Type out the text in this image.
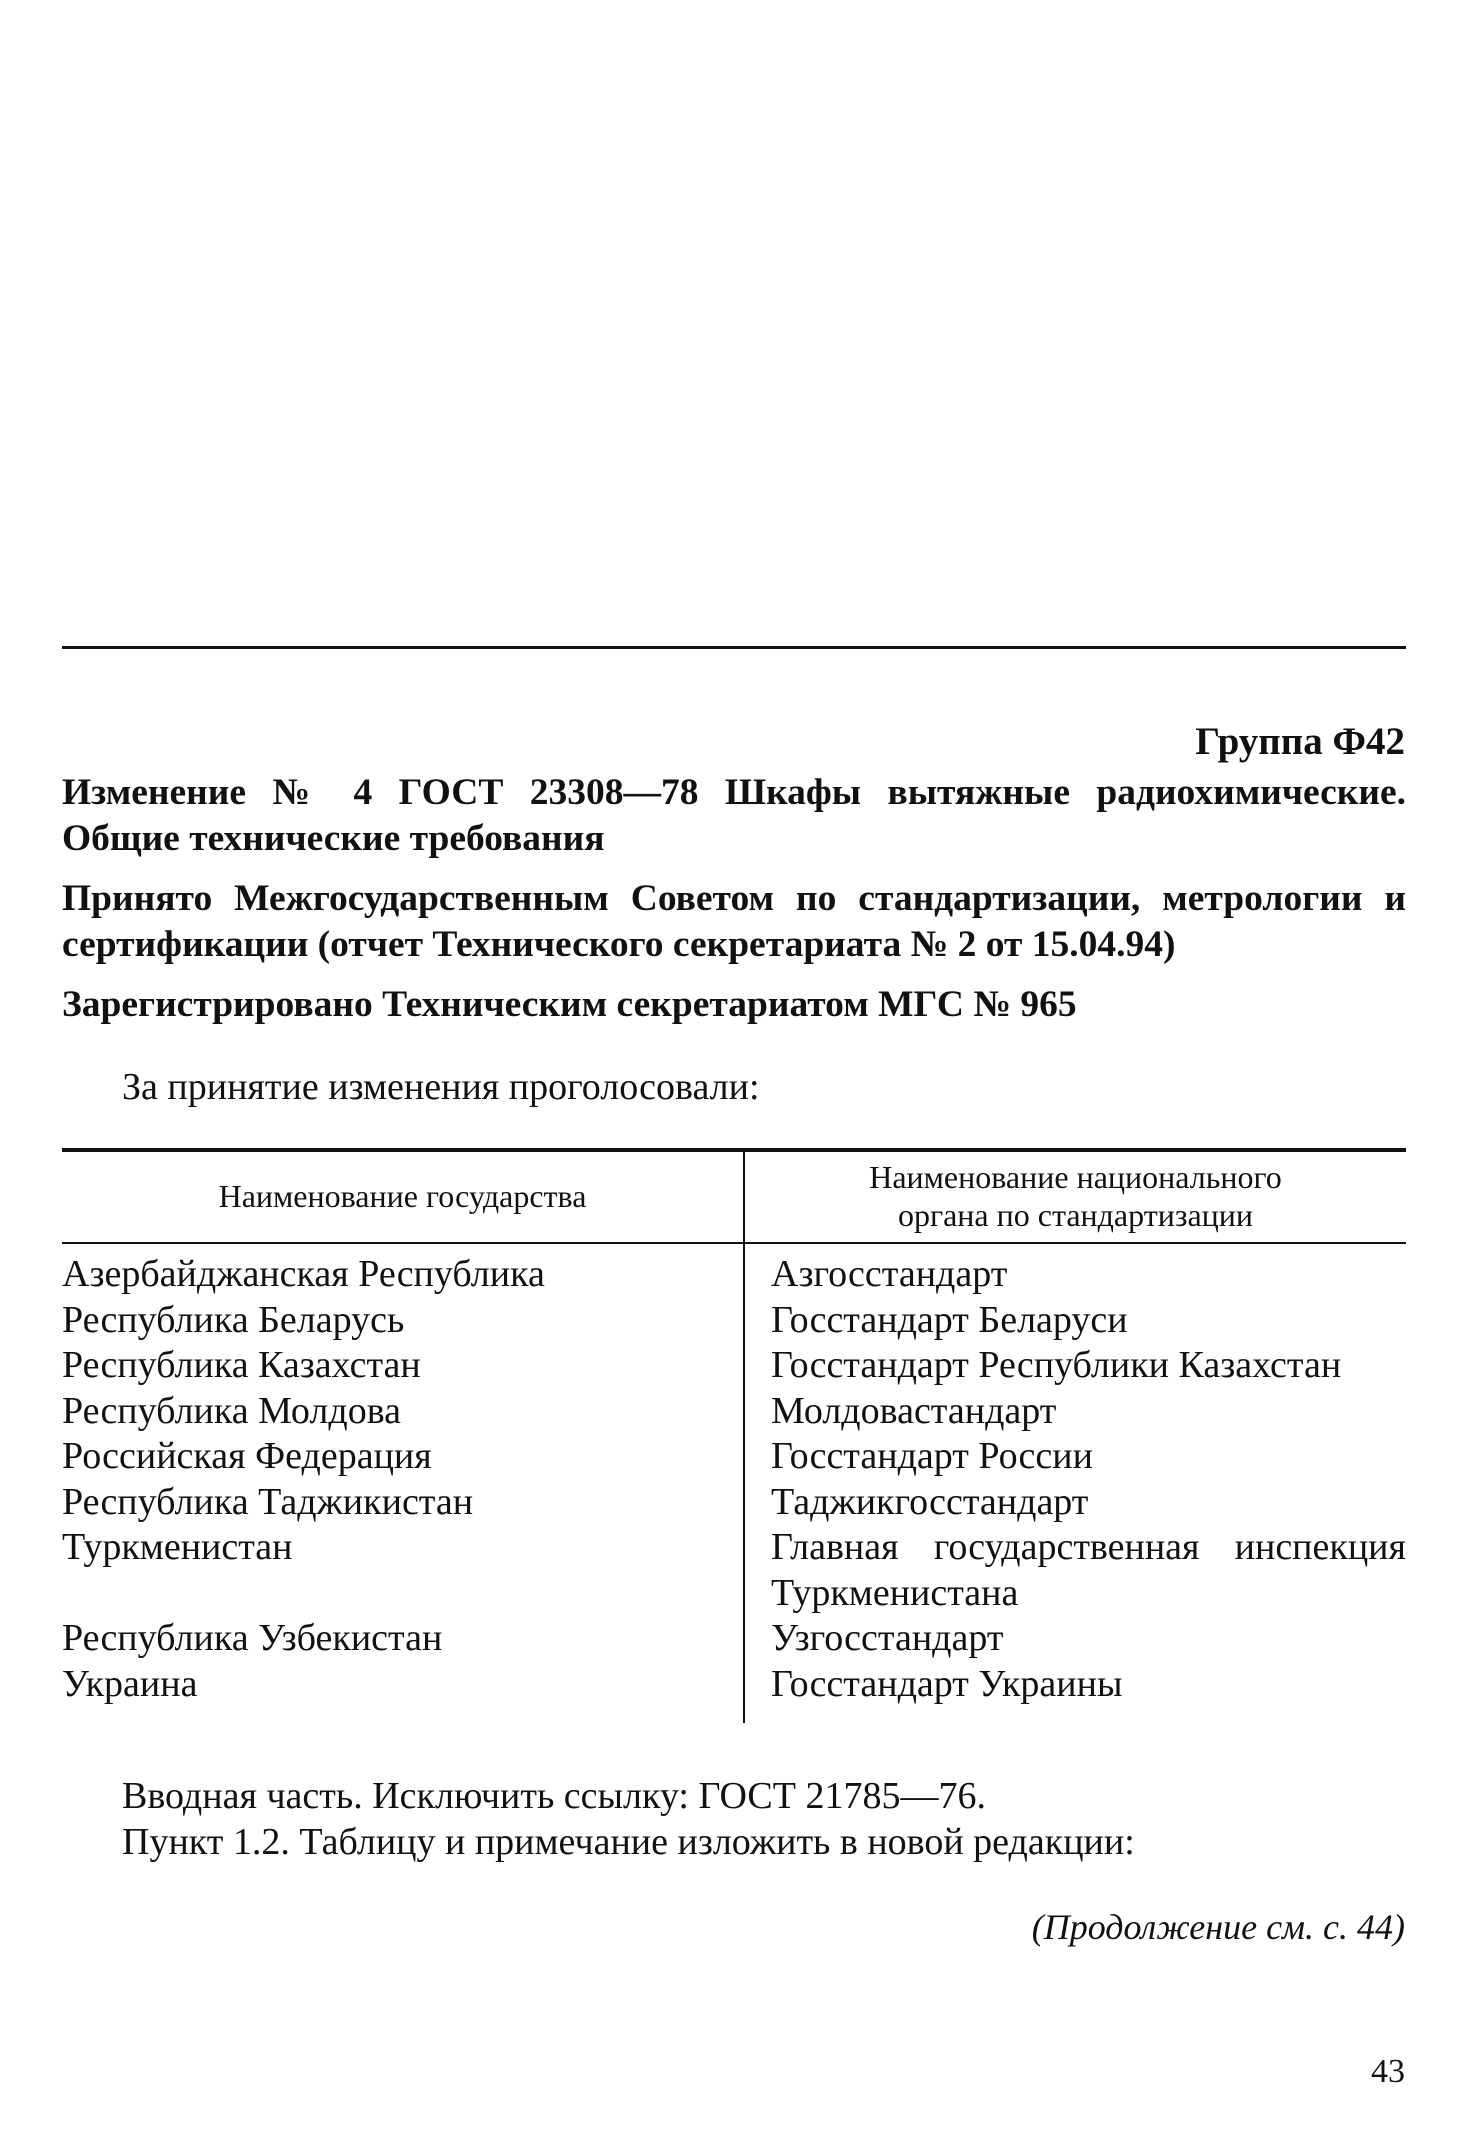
Группа Ф42

Изменение № 4 ГОСТ 23308—78 Шкафы вытяжные радиохимические.
Общие технические требования

Принято Межгосударственным Советом по стандартизации, метрологии и
сертификации (отчет Технического секретариата № 2 от 15.04.94)

Зарегистрировано Техническим секретариатом МГС № 965

За принятие изменения проголосовали:
Наименование государства	Наименование национального
органа по стандартизации

Азербайджанская Республика	Азгосстандарт
Республика Беларусь	Госстандарт Беларуси
Республика Казахстан	Госстандарт Республики Казахстан
Республика Молдова	Молдовастандарт
Российская Федерация	Госстандарт России
Республика Таджикистан	Таджикгосстандарт
Туркменистан	Главная государственная инспекция Туркменистана
Республика Узбекистан	Узгосстандарт
Украина	Госстандарт Украины

Вводная часть. Исключить ссылку: ГОСТ 21785—76.

Пункт 1.2. Таблицу и примечание изложить в новой редакции:

(Продолжение см. с. 44)
43
